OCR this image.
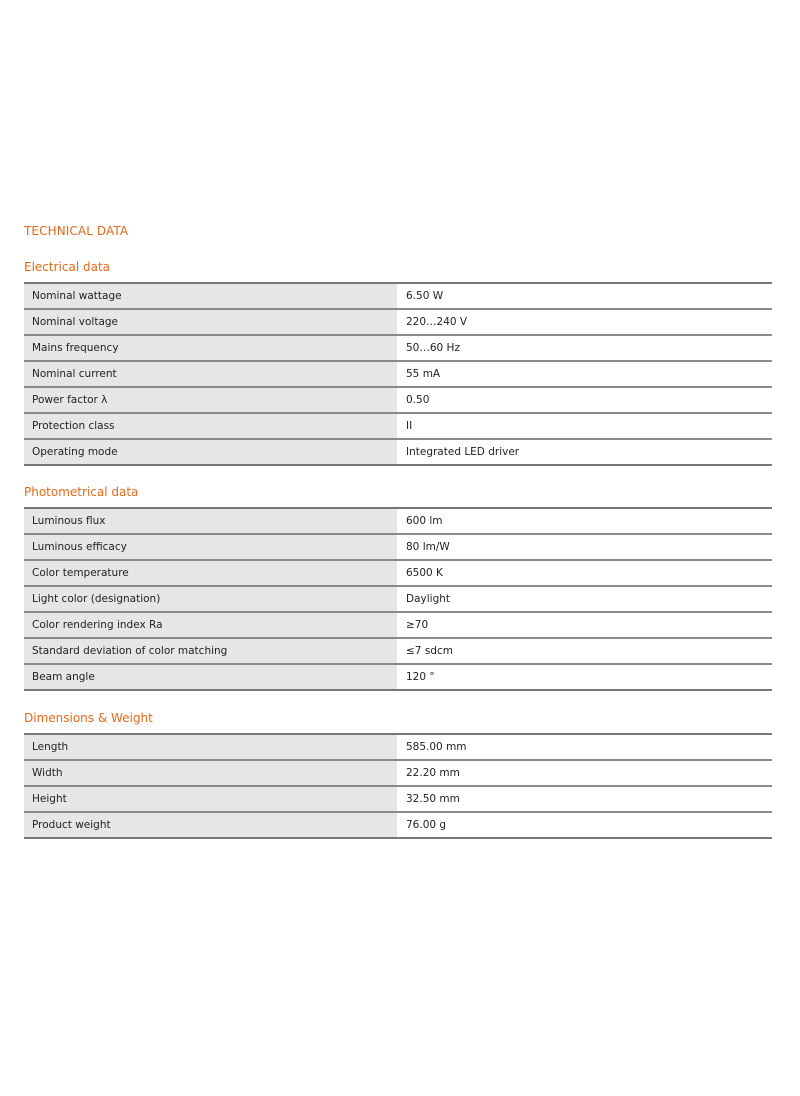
TECHNICAL DATA
Electrical data
Nominal wattage	6.50 W
Nominal voltage	220…240 V
Mains frequency	50…60 Hz
Nominal current	55 mA
Power factor λ	0.50
Protection class	II
Operating mode	Integrated LED driver
Photometrical data
Luminous flux	600 lm
Luminous efficacy	80 lm/W
Color temperature	6500 K
Light color (designation)	Daylight
Color rendering index Ra	≥70
Standard deviation of color matching	≤7 sdcm
Beam angle	120 °
Dimensions & Weight
Length	585.00 mm
Width	22.20 mm
Height	32.50 mm
Product weight	76.00 g
